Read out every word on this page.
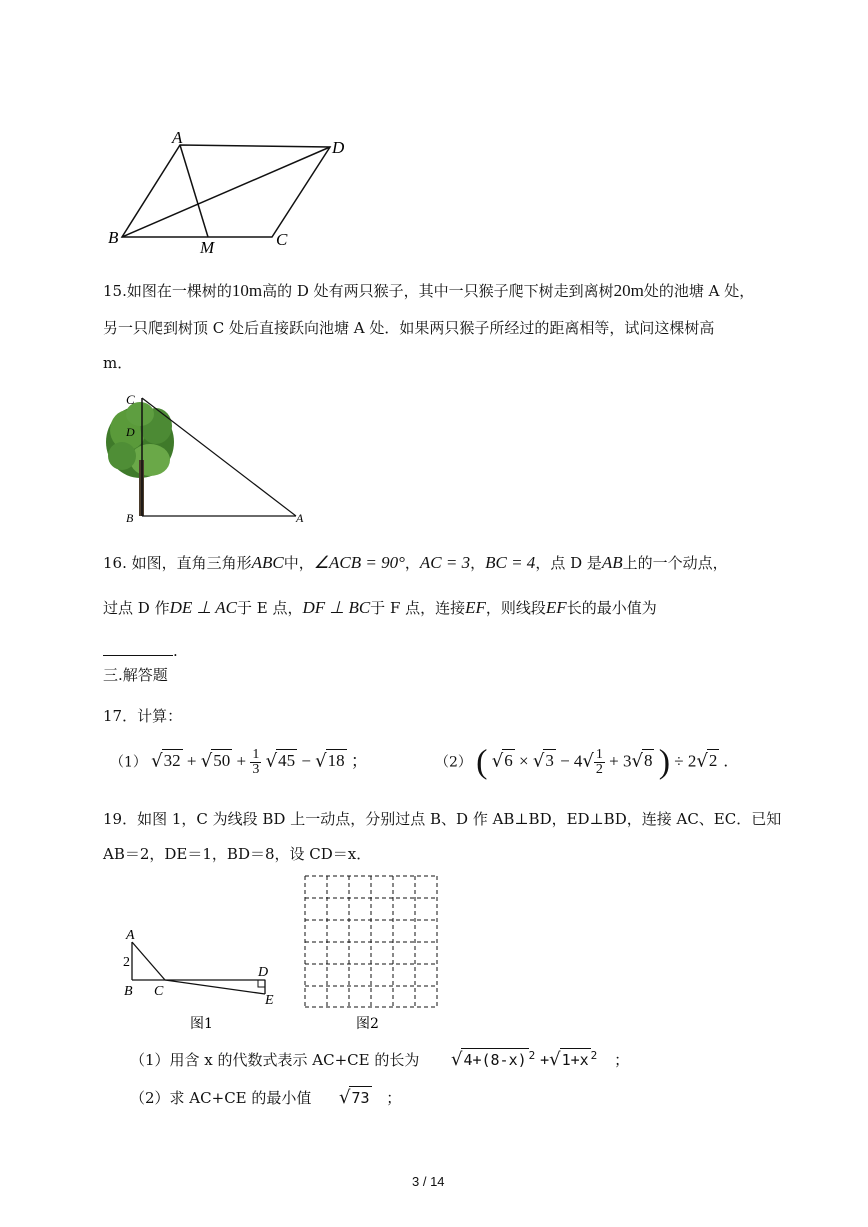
A
D
B
M	C
15.如图在一棵树的10m高的 D 处有两只猴子，其中一只猴子爬下树走到离树20m处的池塘 A 处，
另一只爬到树顶 C 处后直接跃向池塘 A 处．如果两只猴子所经过的距离相等，试问这棵树高
m．
C
D
B	A
16. 如图，直角三角形ABC中，∠ACB = 90°，AC = 3，BC = 4，点 D 是AB上的一个动点，
过点 D 作DE ⊥ AC于 E 点，DF ⊥ BC于 F 点，连接EF，则线段EF长的最小值为
.
三.解答题
17．计算：
（1） $√32 + √50 + \frac{1}{3} √45 - √18$ ；	（2） ( $√6 \times √3 - 4√ \frac{1}{2} + 3√8$ ) ÷ 2√2 .
19．如图 1，C 为线段 BD 上一动点，分别过点 B、D 作 AB⊥BD，ED⊥BD，连接 AC、EC．已知
AB＝2，DE＝1，BD＝8，设 CD＝x．
A
2
B C
D
E
图1	图2
（1）用含 x 的代数式表示 AC+CE 的长为 √4+(8-x) $^2$ +√1+x $^2$ ；
（2）求 AC+CE 的最小值 √73 ；
3 / 14
